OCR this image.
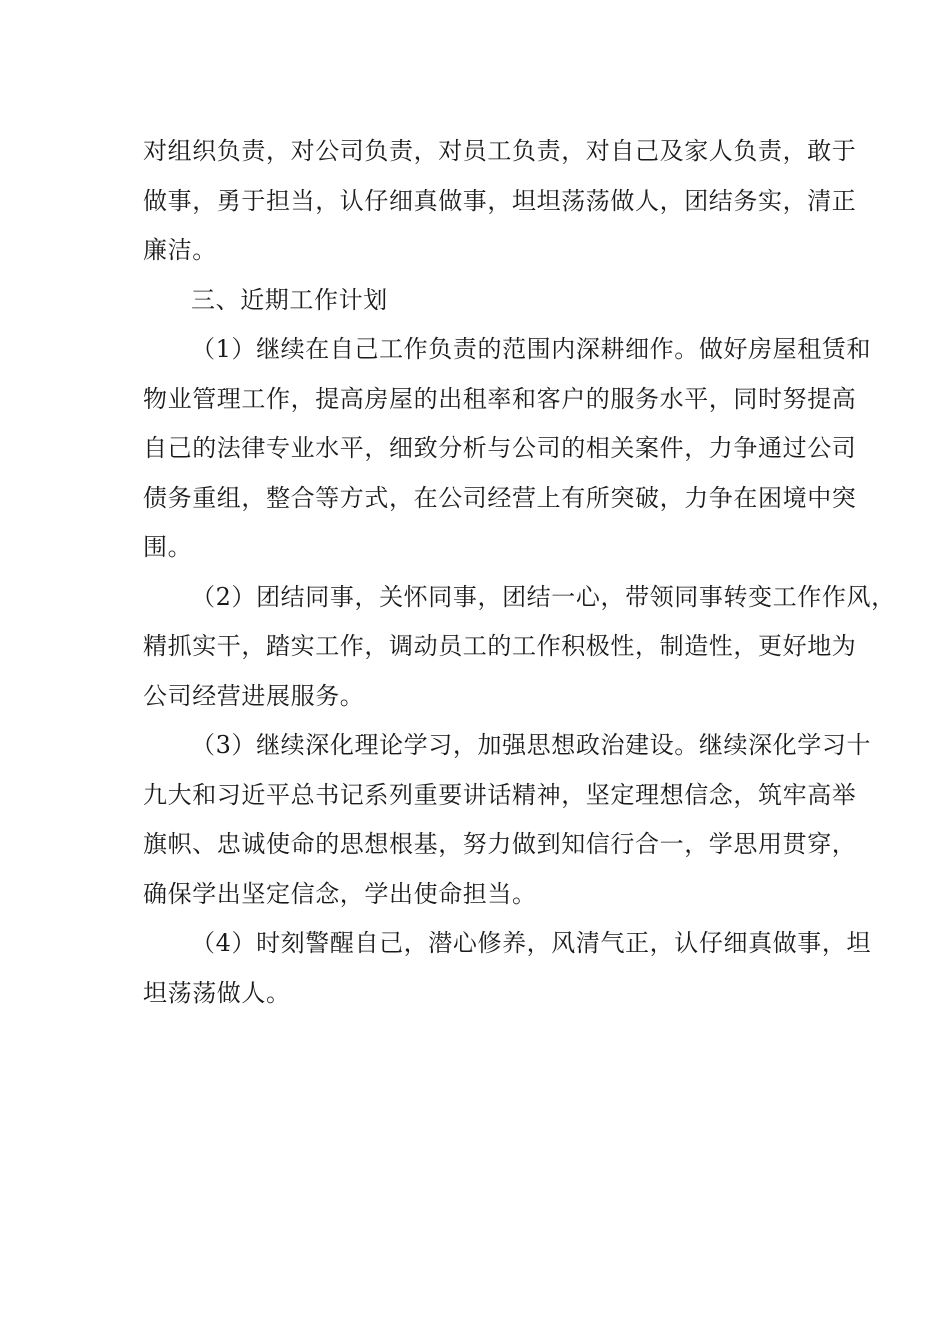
对组织负责，对公司负责，对员工负责，对自己及家人负责，敢于
做事，勇于担当，认仔细真做事，坦坦荡荡做人，团结务实，清正
廉洁。

三、近期工作计划

（1）继续在自己工作负责的范围内深耕细作。做好房屋租赁和
物业管理工作，提高房屋的出租率和客户的服务水平，同时努提高
自己的法律专业水平，细致分析与公司的相关案件，力争通过公司
债务重组，整合等方式，在公司经营上有所突破，力争在困境中突
围。

（2）团结同事，关怀同事，团结一心，带领同事转变工作作风，
精抓实干，踏实工作，调动员工的工作积极性，制造性，更好地为
公司经营进展服务。

（3）继续深化理论学习，加强思想政治建设。继续深化学习十
九大和习近平总书记系列重要讲话精神，坚定理想信念，筑牢高举
旗帜、忠诚使命的思想根基，努力做到知信行合一，学思用贯穿，
确保学出坚定信念，学出使命担当。

（4）时刻警醒自己，潜心修养，风清气正，认仔细真做事，坦
坦荡荡做人。
